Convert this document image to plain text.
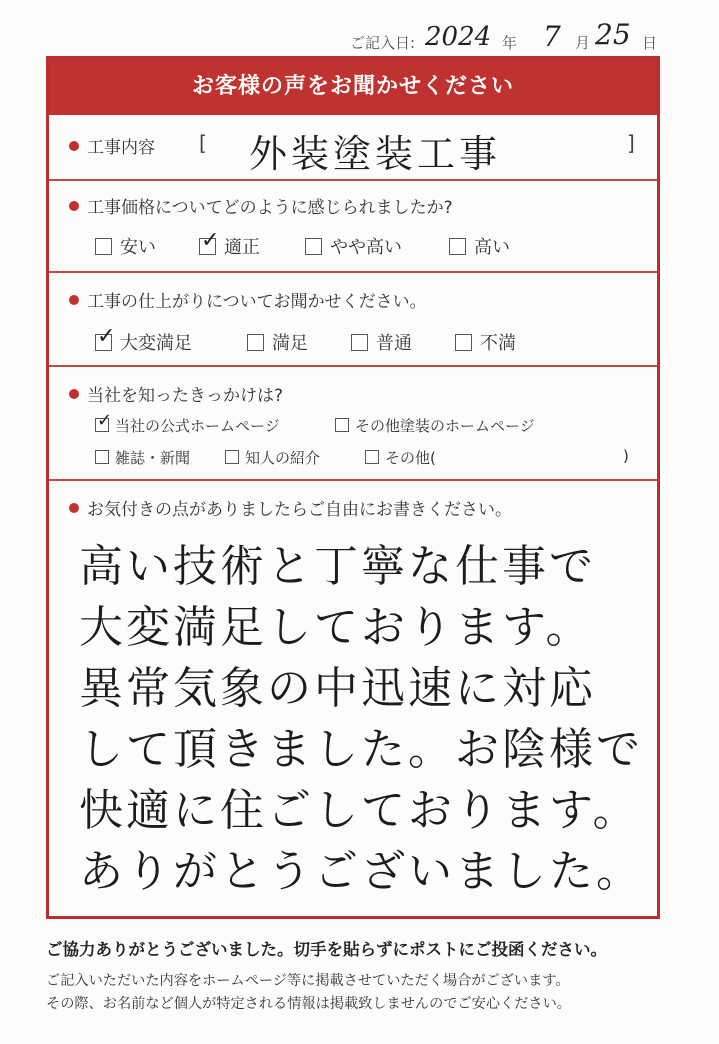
ご記入日: 2024 年 7 月 25 日
お客様の声をお聞かせください
工事内容 [ 外装塗装工事	]
工事価格についてどのように感じられましたか?
安い ✓ 適正	やや高い	高い
工事の仕上がりについてお聞かせください。
✓ 大変満足	満足	普通	不満
当社を知ったきっかけは?
✓ 当社の公式ホームページ	その他塗装のホームページ
雑誌・新聞	知人の紹介	その他(	)
お気付きの点がありましたらご自由にお書きください。
高い技術と丁寧な仕事で
大変満足しております。
異常気象の中迅速に対応
して頂きました。お陰様で
快適に住ごしております。
ありがとうございました。
ご協力ありがとうございました。切手を貼らずにポストにご投函ください。
ご記入いただいた内容をホームページ等に掲載させていただく場合がございます。
その際、お名前など個人が特定される情報は掲載致しませんのでご安心ください。
